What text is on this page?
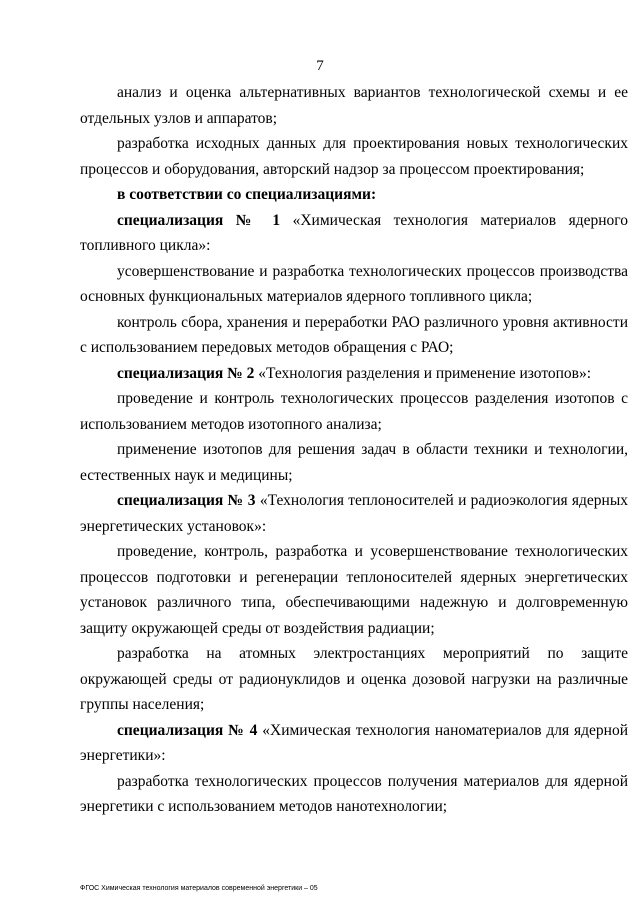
7

анализ и оценка альтернативных вариантов технологической схемы и ее отдельных узлов и аппаратов;

разработка исходных данных для проектирования новых технологических процессов и оборудования, авторский надзор за процессом проектирования;

в соответствии со специализациями:

специализация № 1 «Химическая технология материалов ядерного топливного цикла»:

усовершенствование и разработка технологических процессов производства основных функциональных материалов ядерного топливного цикла;

контроль сбора, хранения и переработки РАО различного уровня активности с использованием передовых методов обращения с РАО;

специализация № 2 «Технология разделения и применение изотопов»:

проведение и контроль технологических процессов разделения изотопов с использованием методов изотопного анализа;

применение изотопов для решения задач в области техники и технологии, естественных наук и медицины;

специализация № 3 «Технология теплоносителей и радиоэкология ядерных энергетических установок»:

проведение, контроль, разработка и усовершенствование технологических процессов подготовки и регенерации теплоносителей ядерных энергетических установок различного типа, обеспечивающими надежную и долговременную защиту окружающей среды от воздействия радиации;

разработка на атомных электростанциях мероприятий по защите окружающей среды от радионуклидов и оценка дозовой нагрузки на различные группы населения;

специализация № 4 «Химическая технология наноматериалов для ядерной энергетики»:

разработка технологических процессов получения материалов для ядерной энергетики с использованием методов нанотехнологии;

ФГОС Химическая технология материалов современной энергетики – 05
